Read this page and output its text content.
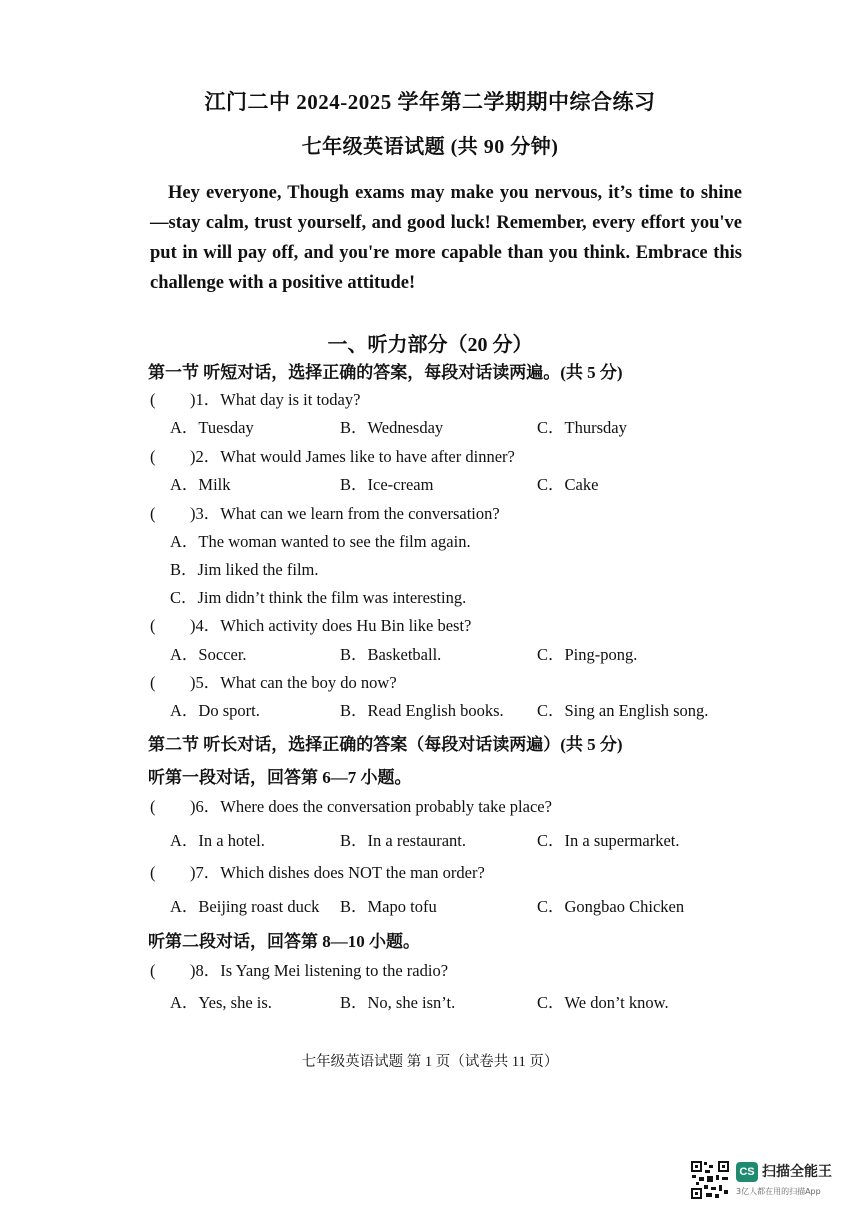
江门二中 2024-2025 学年第二学期期中综合练习
七年级英语试题 (共 90 分钟)
Hey everyone, Though exams may make you nervous, it’s time to shine—stay calm, trust yourself, and good luck! Remember, every effort you've put in will pay off, and you're more capable than you think. Embrace this challenge with a positive attitude!
一、听力部分（20 分）
第一节 听短对话，选择正确的答案，每段对话读两遍。(共 5 分)
( )1．What day is it today?
A．Tuesday	B．Wednesday	C．Thursday
( )2．What would James like to have after dinner?
A．Milk	B．Ice-cream	C．Cake
( )3．What can we learn from the conversation?
A．The woman wanted to see the film again.
B．Jim liked the film.
C．Jim didn’t think the film was interesting.
( )4．Which activity does Hu Bin like best?
A．Soccer.	B．Basketball.	C．Ping-pong.
( )5．What can the boy do now?
A．Do sport.	B．Read English books. C．Sing an English song.
第二节 听长对话，选择正确的答案（每段对话读两遍）(共 5 分)
听第一段对话，回答第 6—7 小题。
( )6．Where does the conversation probably take place?
A．In a hotel.	B．In a restaurant.	C．In a supermarket.
( )7．Which dishes does NOT the man order?
A．Beijing roast duck B．Mapo tofu	C．Gongbao Chicken
听第二段对话，回答第 8—10 小题。
( )8．Is Yang Mei listening to the radio?
A．Yes, she is.	B．No, she isn’t.	C．We don’t know.
七年级英语试题 第 1 页（试卷共 11 页）
CS 扫描全能王
3亿人都在用的扫描App
